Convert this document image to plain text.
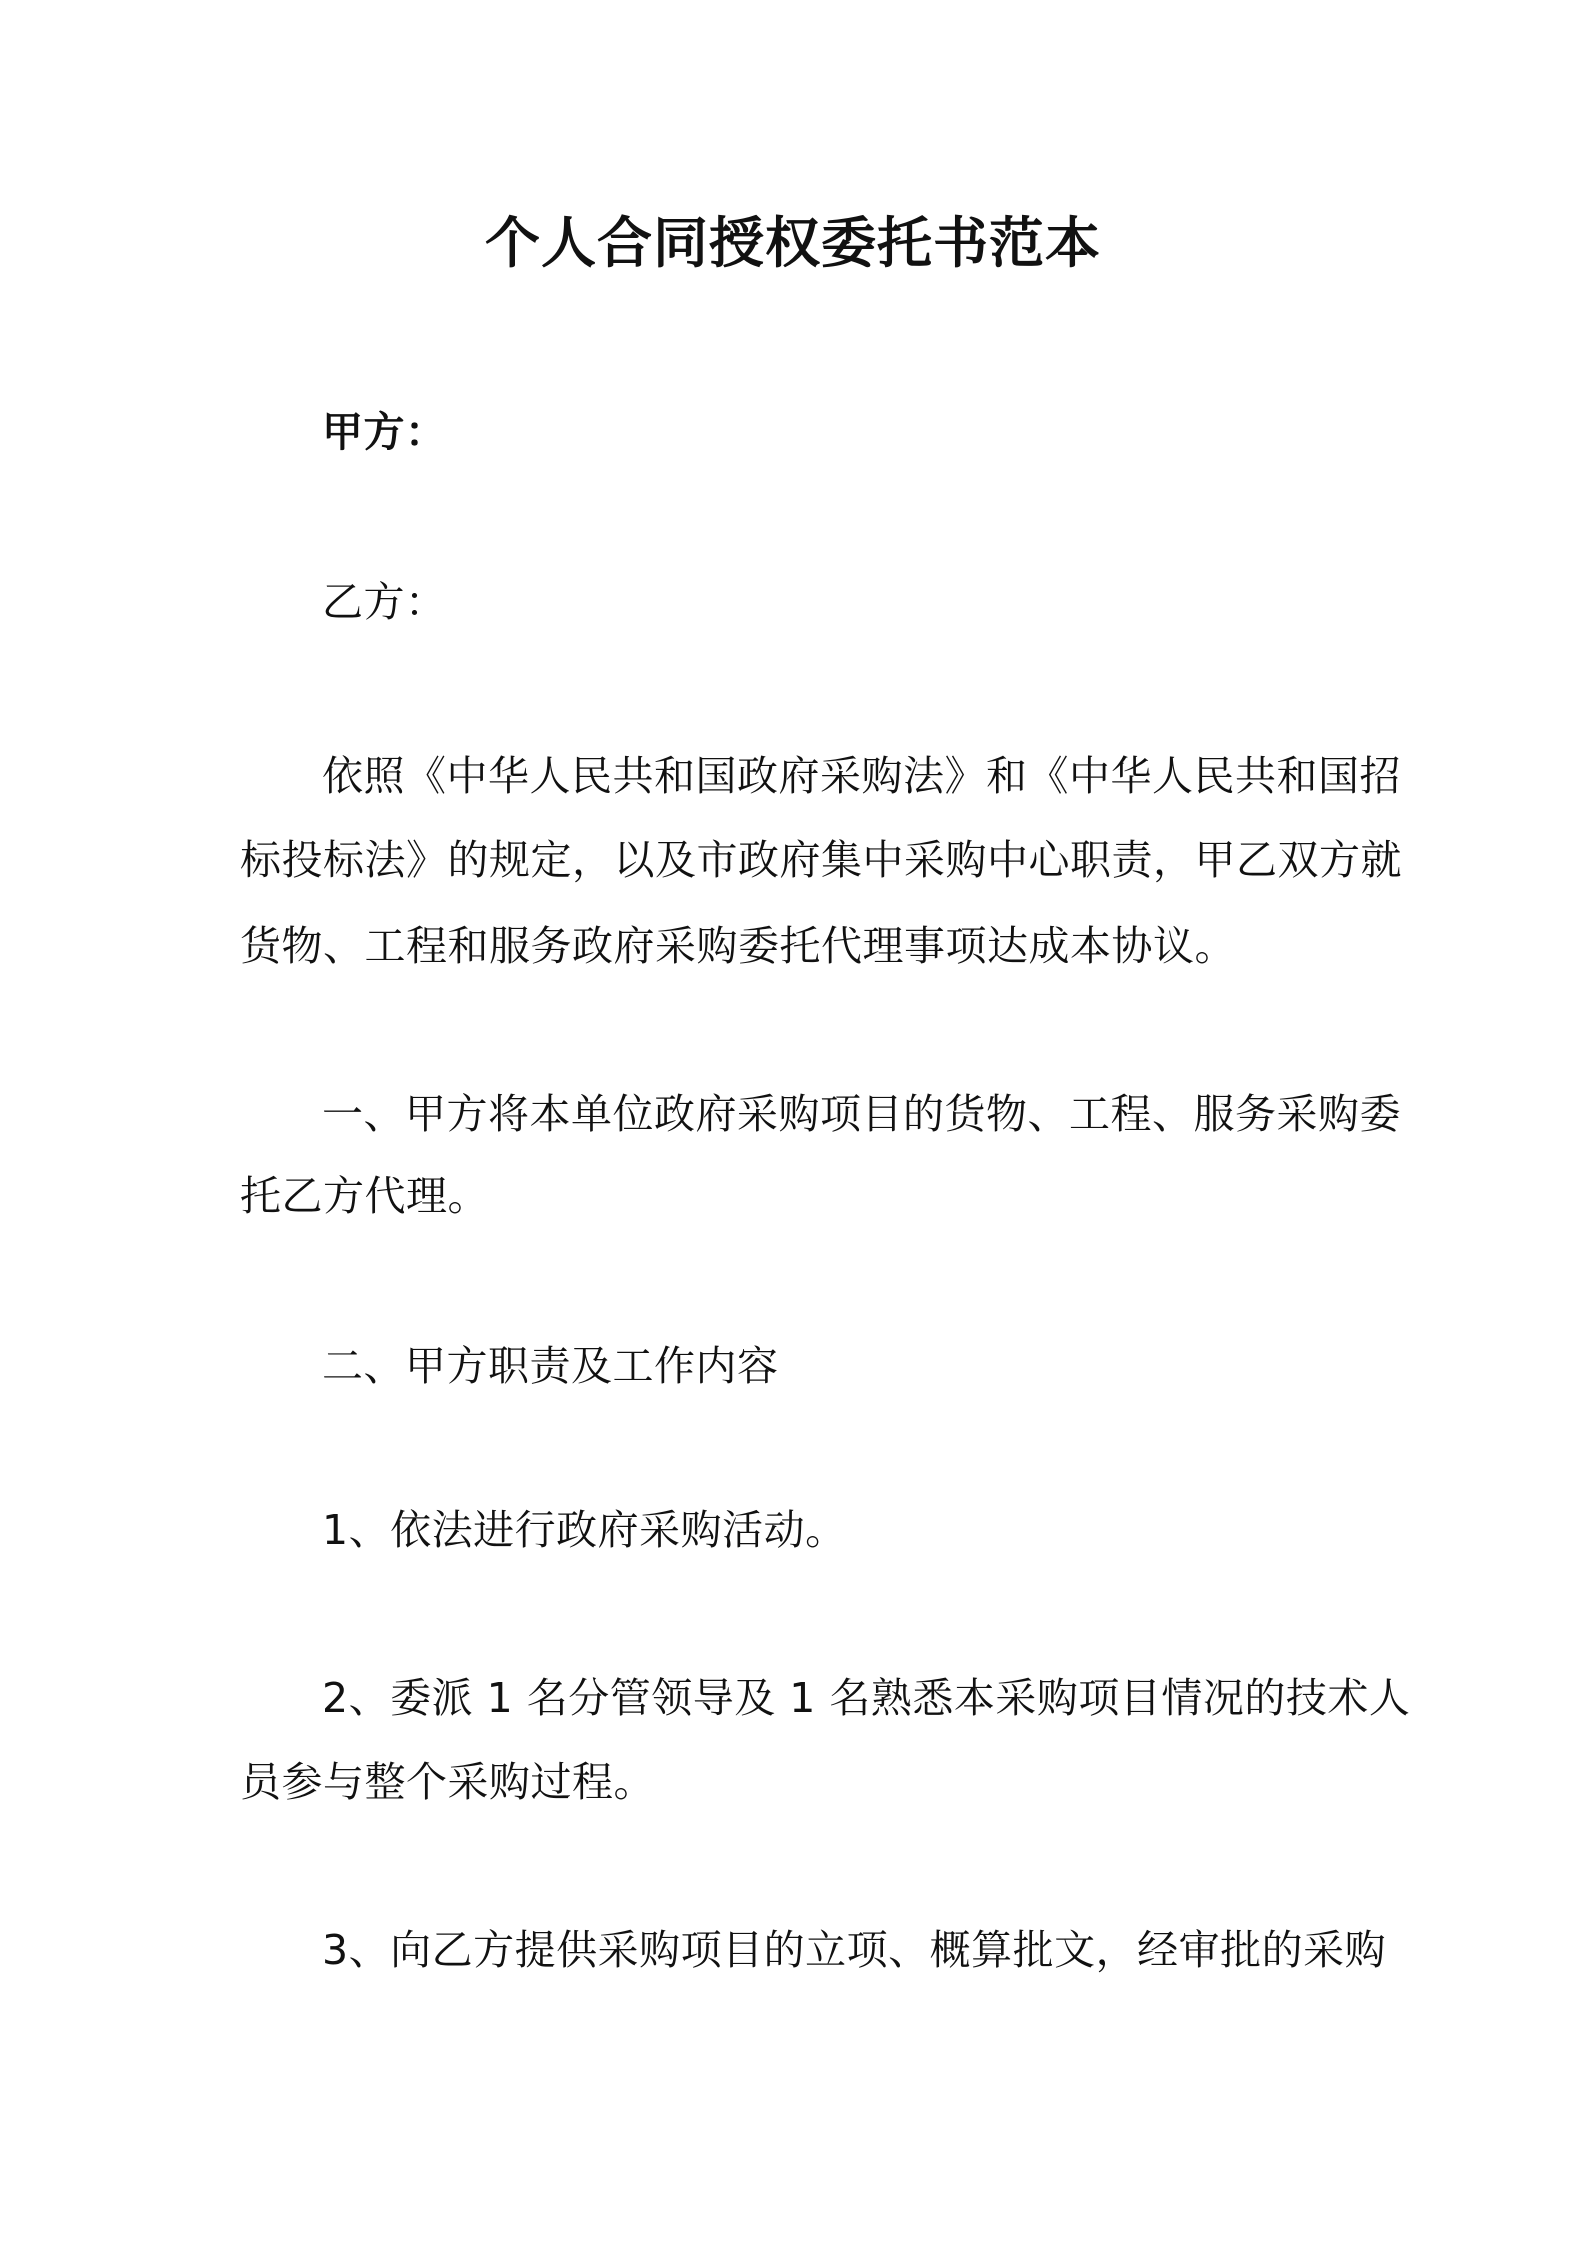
个人合同授权委托书范本
甲方：
乙方：
依照《中华人民共和国政府采购法》和《中华人民共和国招
标投标法》的规定，以及市政府集中采购中心职责，甲乙双方就
货物、工程和服务政府采购委托代理事项达成本协议。
一、甲方将本单位政府采购项目的货物、工程、服务采购委
托乙方代理。
二、甲方职责及工作内容
1、依法进行政府采购活动。
2、委派 1 名分管领导及 1 名熟悉本采购项目情况的技术人
员参与整个采购过程。
3、向乙方提供采购项目的立项、概算批文，经审批的采购
